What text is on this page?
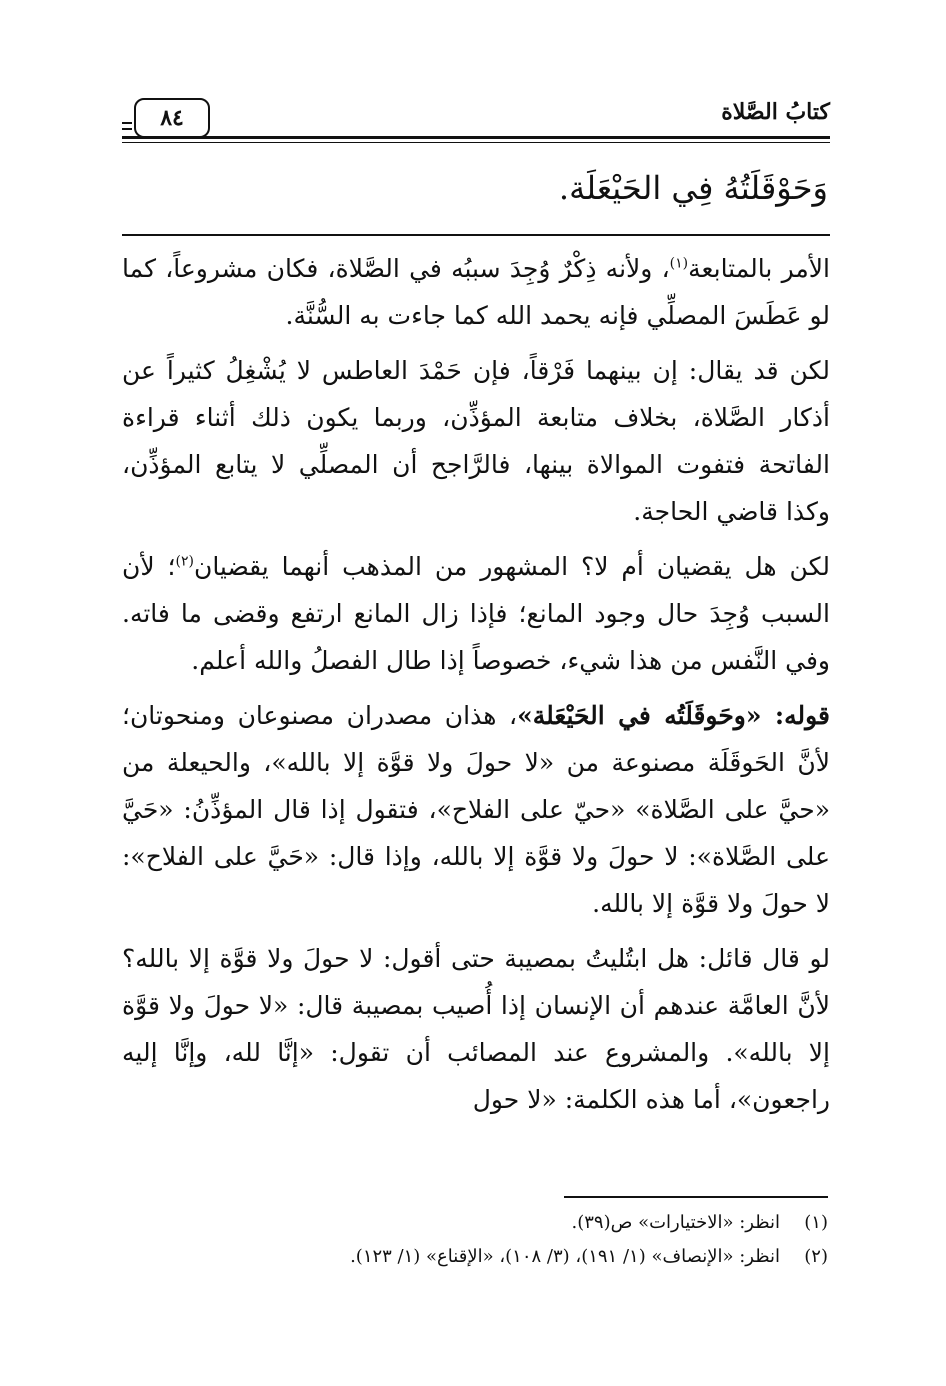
كتابُ الصَّلاة
٨٤
وَحَوْقَلَتُهُ فِي الحَيْعَلَة.

الأمر بالمتابعة$^{(١)}$، ولأنه ذِكْرٌ وُجِدَ سببُه في الصَّلاة، فكان مشروعاً، كما لو عَطَسَ المصلِّي فإنه يحمد الله كما جاءت به السُّنَّة.

لكن قد يقال: إن بينهما فَرْقاً، فإن حَمْدَ العاطس لا يُشْغِلُ كثيراً عن أذكار الصَّلاة، بخلاف متابعة المؤذِّن، وربما يكون ذلك أثناء قراءة الفاتحة فتفوت الموالاة بينها، فالرَّاجح أن المصلِّي لا يتابع المؤذِّن، وكذا قاضي الحاجة.

لكن هل يقضيان أم لا؟ المشهور من المذهب أنهما يقضيان$^{(٢)}$؛ لأن السبب وُجِدَ حال وجود المانع؛ فإذا زال المانع ارتفع وقضى ما فاته. وفي النَّفس من هذا شيء، خصوصاً إذا طال الفصلُ والله أعلم.

قوله: «وحَوقَلَتُه في الحَيْعَلة»، هذان مصدران مصنوعان ومنحوتان؛ لأنَّ الحَوقَلَة مصنوعة من «لا حولَ ولا قوَّة إلا بالله»، والحيعلة من «حيَّ على الصَّلاة» «حيّ على الفلاح»، فتقول إذا قال المؤذِّنُ: «حَيَّ على الصَّلاة»: لا حولَ ولا قوَّة إلا بالله، وإذا قال: «حَيَّ على الفلاح»: لا حولَ ولا قوَّة إلا بالله.

لو قال قائل: هل ابتُليتُ بمصيبة حتى أقول: لا حولَ ولا قوَّة إلا بالله؟ لأنَّ العامَّة عندهم أن الإنسان إذا أُصيب بمصيبة قال: «لا حولَ ولا قوَّة إلا بالله». والمشروع عند المصائب أن تقول: «إنَّا لله، وإنَّا إليه راجعون»، أما هذه الكلمة: «لا حول

(١)
انظر: «الاختيارات» ص(٣٩).
(٢)
انظر: «الإنصاف» (١/ ١٩١)، (٣/ ١٠٨)، «الإقناع» (١/ ١٢٣).
